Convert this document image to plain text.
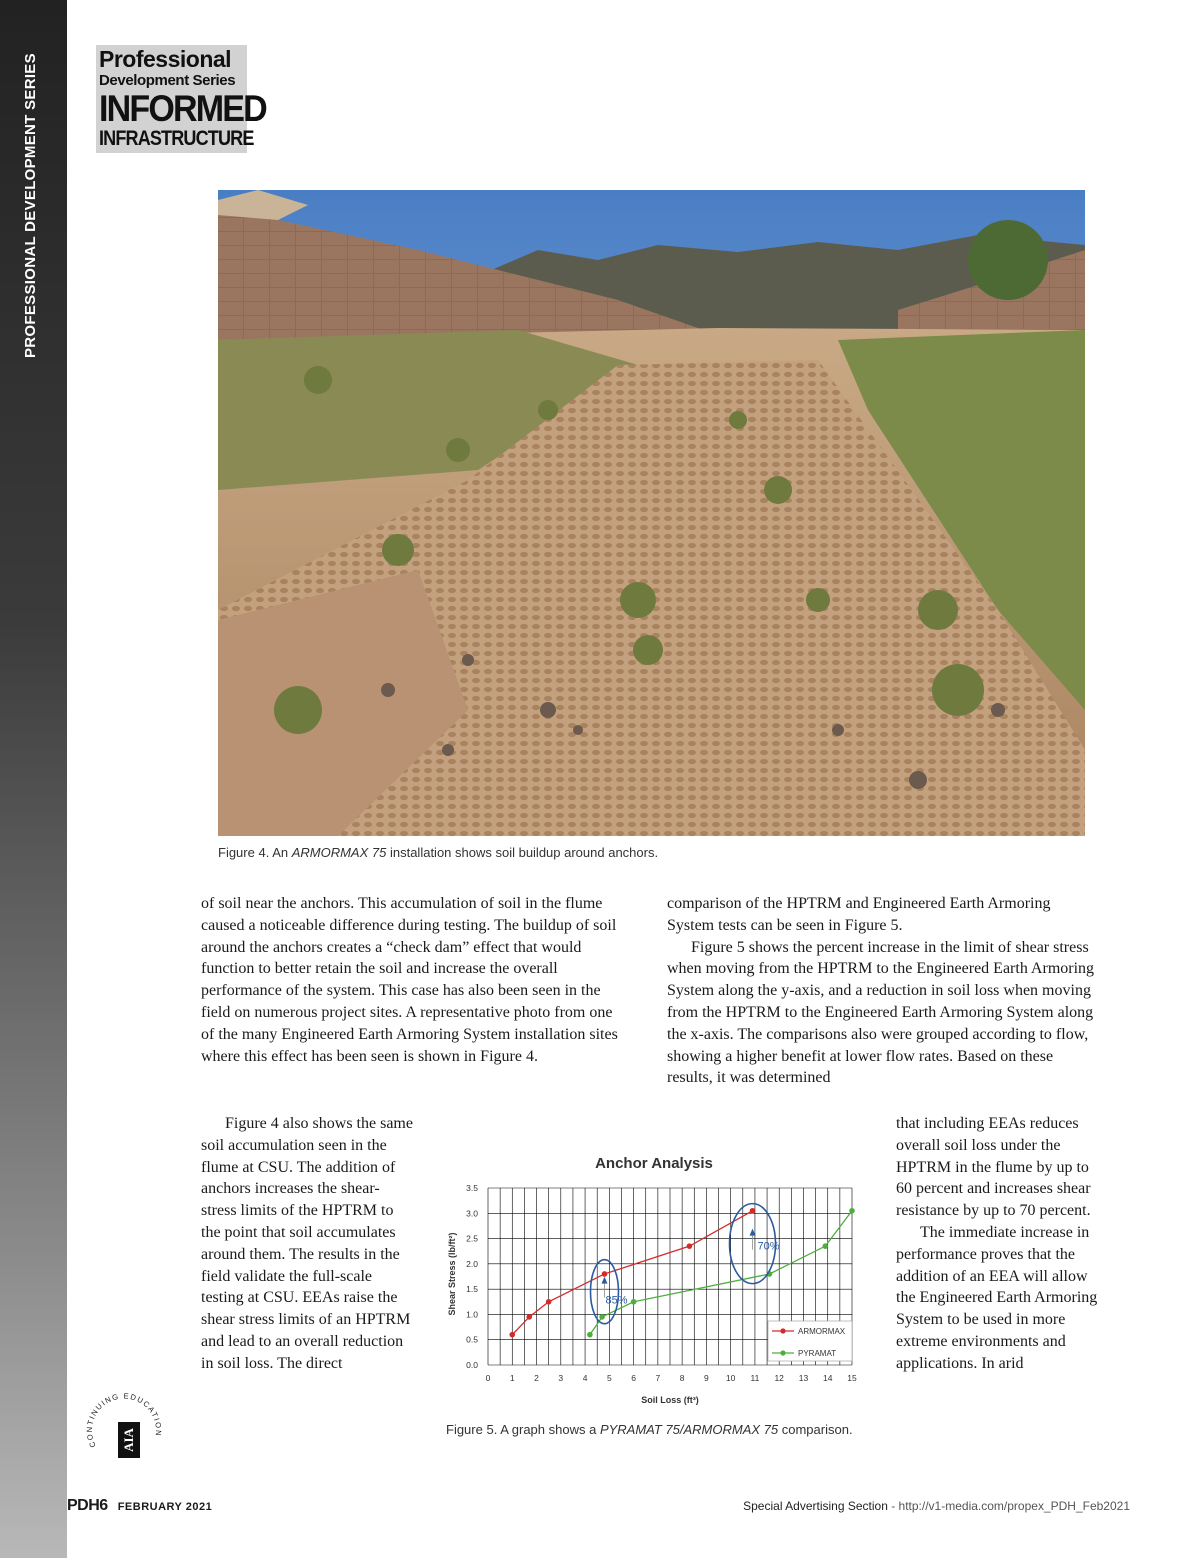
PROFESSIONAL DEVELOPMENT SERIES	Professional
Development Series
INFORMED
INFRASTRUCTURE
Figure 4. An ARMORMAX 75 installation shows soil buildup around anchors.

of soil near the anchors. This accumulation of soil in the flume caused a noticeable difference during testing. The buildup of soil around the anchors creates a “check dam” effect that would function to better retain the soil and increase the overall performance of the system. This case has also been seen in the field on numerous project sites. A representative photo from one of the many Engineered Earth Armoring System installation sites where this effect has been seen is shown in Figure 4.

Figure 4 also shows the same soil accumulation seen in the flume at CSU. The addition of anchors increases the shear-stress limits of the HPTRM to the point that soil accumulates around them. The results in the field validate the full-scale testing at CSU. EEAs raise the shear stress limits of an HPTRM and lead to an overall reduction in soil loss. The direct

comparison of the HPTRM and Engineered Earth Armoring System tests can be seen in Figure 5.

Figure 5 shows the percent increase in the limit of shear stress when moving from the HPTRM to the Engineered Earth Armoring System along the y-axis, and a reduction in soil loss when moving from the HPTRM to the Engineered Earth Armoring System along the x-axis. The comparisons also were grouped according to flow, showing a higher benefit at lower flow rates. Based on these results, it was determined

that including EEAs reduces overall soil loss under the HPTRM in the flume by up to 60 percent and increases shear resistance by up to 70 percent.

The immediate increase in performance proves that the addition of an EEA will allow the Engineered Earth Armoring System to be used in more extreme environments and applications. In arid

Anchor Analysis
Soil Loss (ft³)
Shear Stress (lb/ft²)
0.0
0.5
1.0
1.5
2.0
2.5
3.0
3.5
0 1 2 3 4 5 6 7 8 9 10 11 12 13 14 15
85%
70%
ARMORMAX
PYRAMAT
Figure 5. A graph shows a PYRAMAT 75/ARMORMAX 75 comparison.
CONTINUING EDUCATION
AIA
PDH6 FEBRUARY 2021	Special Advertising Section - http://v1-media.com/propex_PDH_Feb2021
